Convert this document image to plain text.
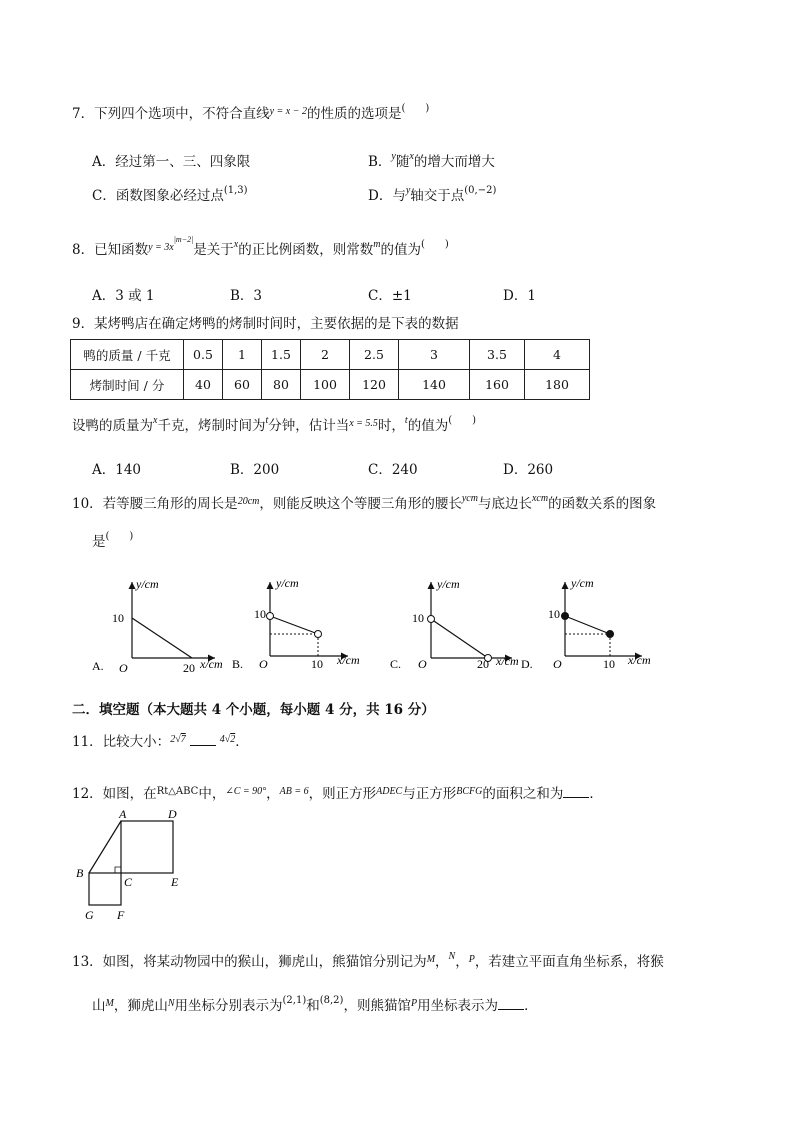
7．下列四个选项中，不符合直线$^{y = x - 2}$的性质的选项是(　　)
A．经过第一、三、四象限	B．$^y$随$^x$的增大而增大
C．函数图象必经过点$^{(1,3)}$	D．与$^y$轴交于点$^{(0,-2)}$
8．已知函数$^{y = 3x|m-2|}$是关于$^x$的正比例函数，则常数$^m$的值为(　　)
A．3 或 1	B．3	C．±1	D．1
9．某烤鸭店在确定烤鸭的烤制时间时，主要依据的是下表的数据
鸭的质量 / 千克	0.5	1	1.5	2	2.5	3	3.5	4
烤制时间 / 分	40	60	80	100	120	140	160	180
设鸭的质量为$^x$千克，烤制时间为$^t$分钟，估计当$^{x = 5.5}$时，$^t$的值为(　　)
A．140	B．200	C．240	D．260
10．若等腰三角形的周长是$^{20cm}$，则能反映这个等腰三角形的腰长$^{ycm}$与底边长$^{xcm}$的函数关系的图象
是(　　)
y/cm
10
O	20 x/cm
A.
y/cm
10
O	10 x/cm
B.
y/cm
10
O	20 x/cm
C.
y/cm
10
O	10 x/cm
D.
二．填空题（本大题共 4 个小题，每小题 4 分，共 16 分）
11．比较大小：$^{2√7}$	$^{4√2}$．
12．如图，在$^{Rt\triangle ABC}$中，$^{\angle C = 90^\circ}$，$^{AB = 6}$，则正方形$^{ADEC}$与正方形$^{BCFG}$的面积之和为 ．
A	D
B
C	E
G F
13．如图，将某动物园中的猴山，狮虎山，熊猫馆分别记为$^M$，$^N$，$^P$，若建立平面直角坐标系，将猴
山$^M$，狮虎山$^N$用坐标分别表示为$^{(2,1)}$和$^{(8,2)}$，则熊猫馆$^P$用坐标表示为 ．
